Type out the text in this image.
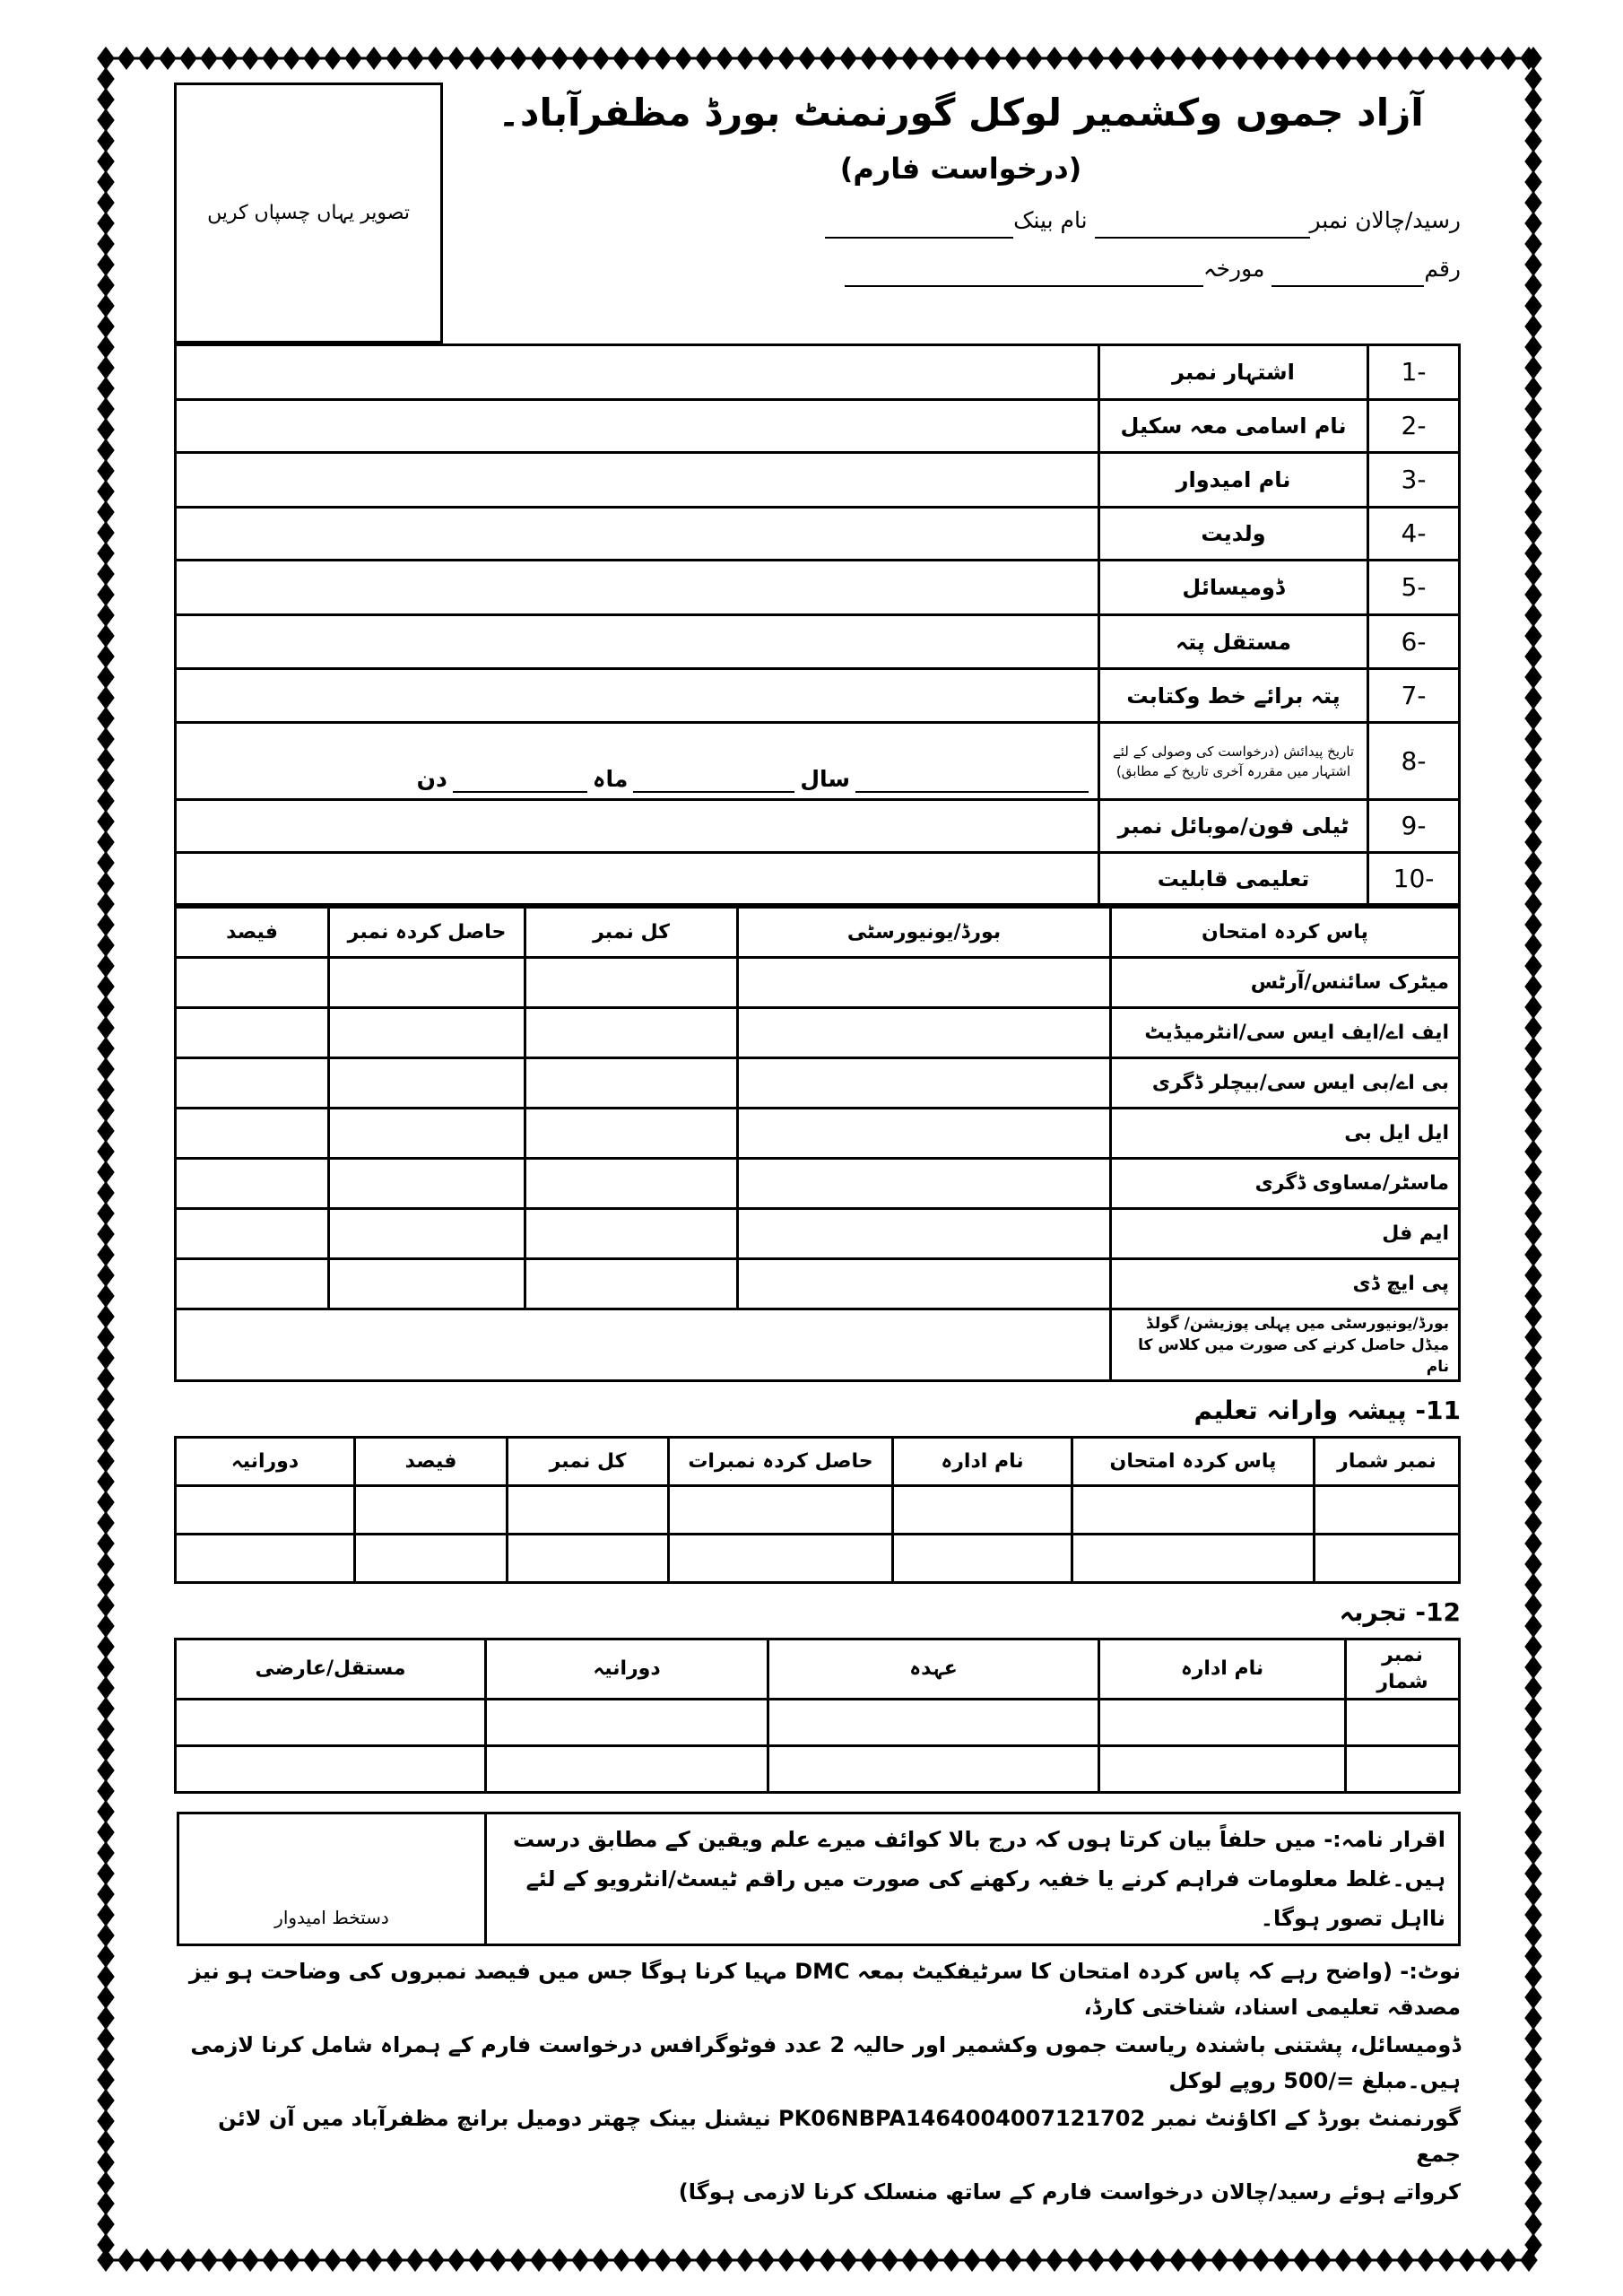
تصویر یہاں چسپاں کریں
آزاد جموں وکشمیر لوکل گورنمنٹ بورڈ مظفرآباد۔
(درخواست فارم)
رسید/چالان نمبر نام بینک
رقم مورخہ
	اشتہار نمبر	1-
	نام اسامی معہ سکیل	2-
	نام امیدوار	3-
	ولدیت	4-
	ڈومیسائل	5-
	مستقل پتہ	6-
	پتہ برائے خط وکتابت	7-
سالماہدن	تاریخ پیدائش (درخواست کی وصولی کے لئے اشتہار میں مقررہ آخری تاریخ کے مطابق)	8-
	ٹیلی فون/موبائل نمبر	9-
	تعلیمی قابلیت	10-
فیصد	حاصل کردہ نمبر	کل نمبر	بورڈ/یونیورسٹی	پاس کردہ امتحان
				میٹرک سائنس/آرٹس
				ایف اے/ایف ایس سی/انٹرمیڈیٹ
				بی اے/بی ایس سی/بیچلر ڈگری
				ایل ایل بی
				ماسٹر/مساوی ڈگری
				ایم فل
				پی ایچ ڈی
				بورڈ/یونیورسٹی میں پہلی پوزیشن/ گولڈ میڈل حاصل کرنے کی صورت میں کلاس کا نام
11- پیشہ وارانہ تعلیم
دورانیہ	فیصد	کل نمبر	حاصل کردہ نمبرات	نام ادارہ	پاس کردہ امتحان	نمبر شمار

12- تجربہ
مستقل/عارضی	دورانیہ	عہدہ	نام ادارہ	نمبر شمار

دستخط امیدوار	اقرار نامہ:- میں حلفاً بیان کرتا ہوں کہ درج بالا کوائف میرے علم ویقین کے مطابق درست ہیں۔غلط معلومات فراہم کرنے یا خفیہ رکھنے کی صورت میں راقم ٹیسٹ/انٹرویو کے لئے نااہل تصور ہوگا۔
نوٹ:- (واضح رہے کہ پاس کردہ امتحان کا سرٹیفکیٹ بمعہ DMC مہیا کرنا ہوگا جس میں فیصد نمبروں کی وضاحت ہو نیز مصدقہ تعلیمی اسناد، شناختی کارڈ،
ڈومیسائل، پشتنی باشندہ ریاست جموں وکشمیر اور حالیہ 2 عدد فوٹوگرافس درخواست فارم کے ہمراہ شامل کرنا لازمی ہیں۔مبلغ =/500 روپے لوکل
گورنمنٹ بورڈ کے اکاؤنٹ نمبر PK06NBPA1464004007121702 نیشنل بینک چھتر دومیل برانچ مظفرآباد میں آن لائن جمع
کرواتے ہوئے رسید/چالان درخواست فارم کے ساتھ منسلک کرنا لازمی ہوگا)
